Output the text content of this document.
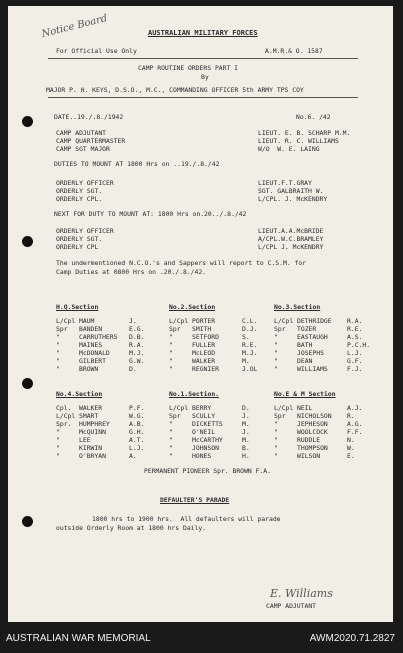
Notice Board	AUSTRALIAN MILITARY FORCES
For Official Use Only	A.M.R.& O. 1587
CAMP ROUTINE ORDERS PART I
By
MAJOR P. H. KEYS, D.S.O., M.C., COMMANDING OFFICER 5th ARMY TPS COY
DATE..19./.8./1942	No.6. /42
CAMP ADJUTANT	LIEUT. E. B. SCHARP M.M.
CAMP QUARTERMASTER	LIEUT. R. C. WILLIAMS
CAMP SGT MAJOR	W/O  W. E. LAING
DUTIES TO MOUNT AT 1800 Hrs on ..19./.8./42
ORDERLY OFFICER	LIEUT.F.T.GRAY
ORDERLY SGT.	SGT. GALBRAITH W.
ORDERLY CPL.	L/CPL. J. McKENDRY
NEXT FOR DUTY TO MOUNT AT: 1800 Hrs on.20../.8./42
ORDERLY OFFICER	LIEUT.A.A.McBRIDE
ORDERLY SGT.	A/CPL.W.C.BRAMLEY
ORDERLY CPL	L/CPL J. McKENDRY
The undermentioned N.C.O.'s and Sappers will report to C.S.M. for
Camp Duties at 0800 Hrs on .20./.8./42.
H.Q.Section
L/Cpl MAUM	J.
Spr BANDEN	E.G.
"	CARRUTHERS D.B.
"	MAINES	R.A.
"	McDONALD	M.J.
"	GILBERT	G.W.
"	BROWN	D.
No.2.Section
L/Cpl PORTER	C.L.
Spr SMITH	D.J.
"	SETFORD	S.
"	FULLER	R.E.
"	McLEOD	M.J.
"	WALKER	M.
"	REGNIER	J.OL
No.3.Section
L/Cpl DETHRIDGE R.A.
Spr TOZER	R.E.
"	EASTAUGH	A.S.
"	BATH	P.C.H.
"	JOSEPHS	L.J.
"	DEAN	G.F.
"	WILLIAMS	F.J.
No.4.Section
Cpl. WALKER	P.F.
L/Cpl SMART	W.G.
Spr. HUMPHREY	A.B.
"	McQUINN	G.H.
"	LEE	A.T.
"	KIRWIN	L.J.
"	O'BRYAN	A.
No.1.Section.
L/Cpl BERRY	D.
Spr SCULLY	J.
"	DICKETTS	M.
"	O'NEIL	J.
"	McCARTHY	M.
"	JOHNSON	B.
"	HONES	H.
No.E & M Section
L/Cpl NEIL	A.J.
Spr NICHOLSON R.
"	JEPHESON	A.G.
"	WOOLCOCK	F.F.
"	RUDDLE	N.
"	THOMPSON	W.
"	WILSON	E.
PERMANENT PIONEER Spr. BROWN F.A.
DEFAULTER'S PARADE
1800 hrs to 1900 hrs.  All defaulters will parade
outside Orderly Room at 1800 hrs Daily.
E. Williams
CAMP ADJUTANT
AUSTRALIAN WAR MEMORIAL	AWM2020.71.2827
